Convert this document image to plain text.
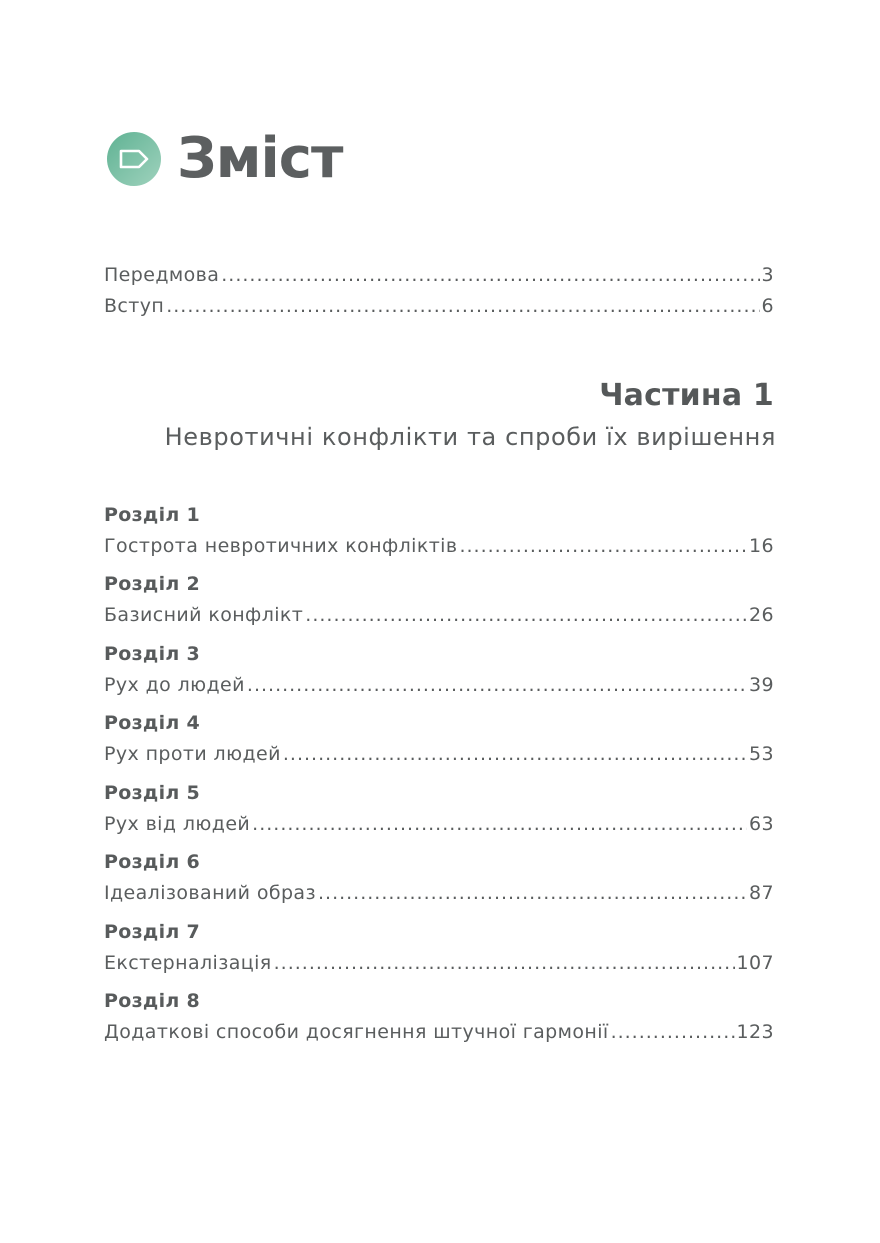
Зміст
Передмова .....	3
Вступ .....	6
Частина 1
Невротичні конфлікти та спроби їх вирішення
Розділ 1
Гострота невротичних конфліктів .....	16
Розділ 2
Базисний конфлікт .....	26
Розділ 3
Рух до людей .....	39
Розділ 4
Рух проти людей .....	53
Розділ 5
Рух від людей .....	63
Розділ 6
Ідеалізований образ .....	87
Розділ 7
Екстерналізація .....	107
Розділ 8
Додаткові способи досягнення штучної гармонії .....	123
